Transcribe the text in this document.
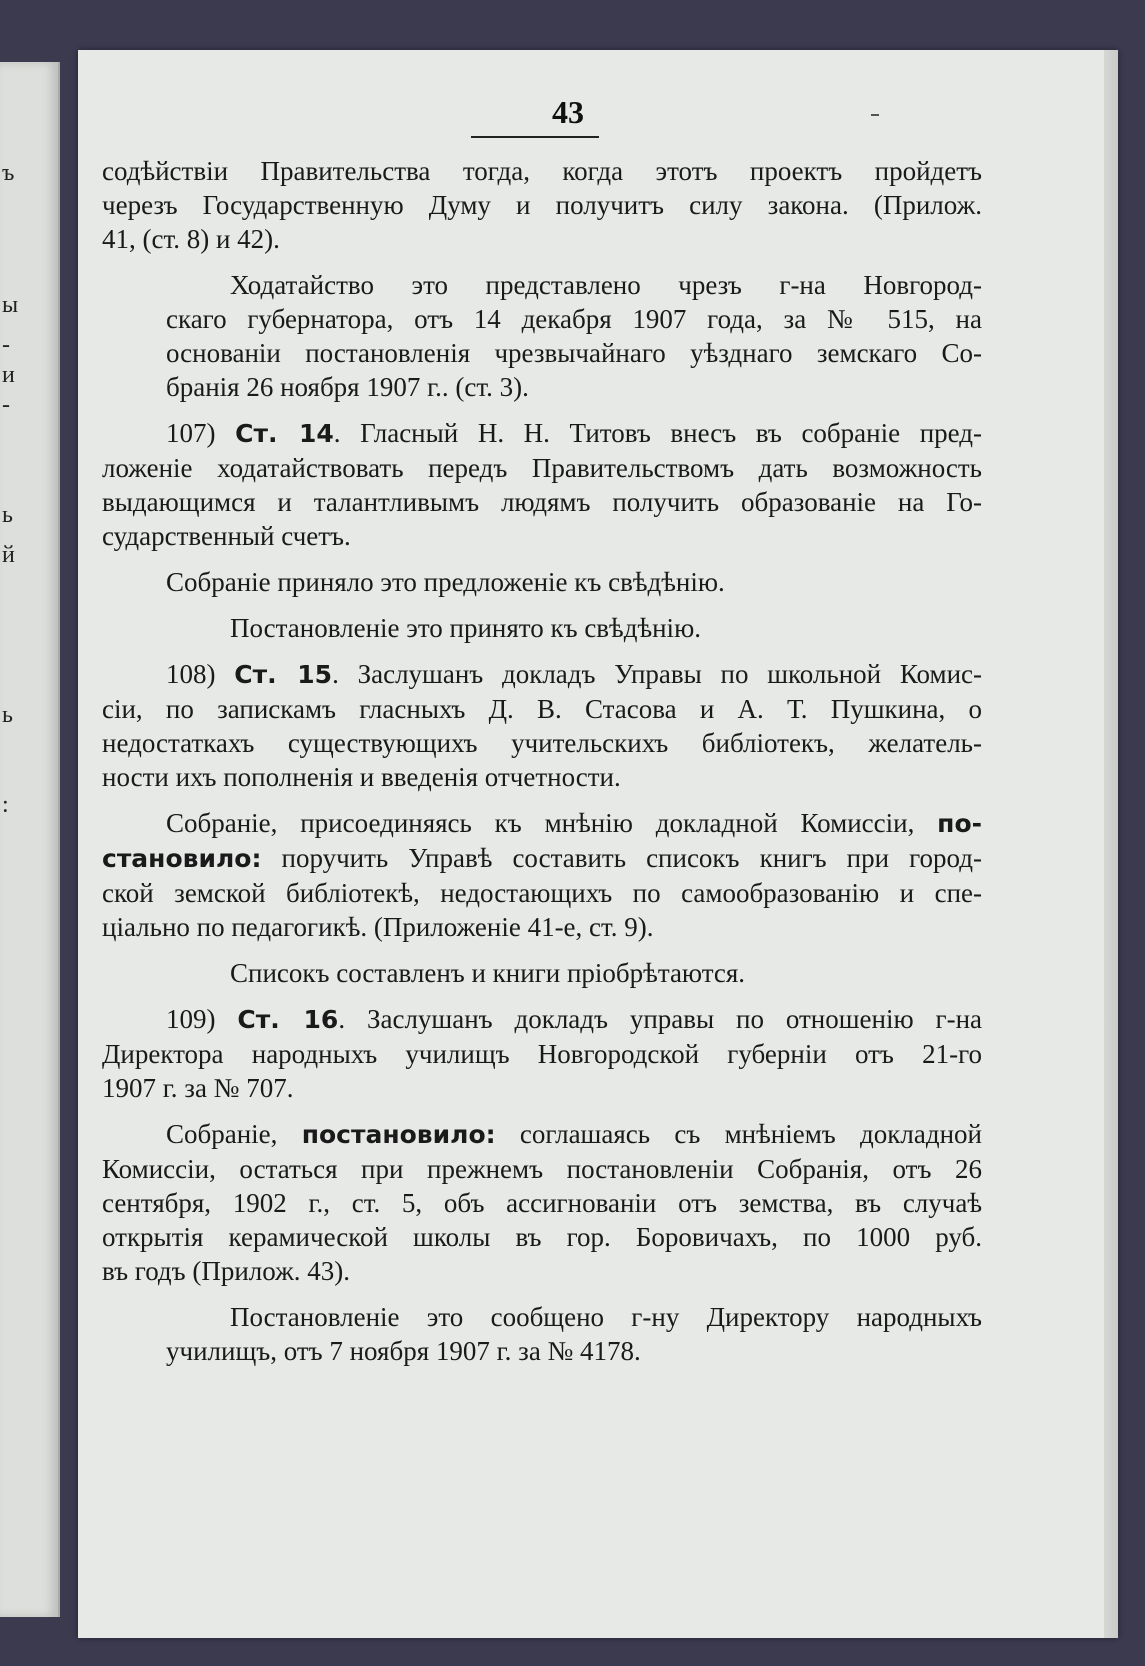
ъ
ы
-
и
-
ь
й
ь
:
43

содѣйствіи Правительства тогда, когда этотъ проектъ пройдетъ
черезъ Государственную Думу и получитъ силу закона. (Прилож.
41, (ст. 8) и 42).

Ходатайство это представлено чрезъ г-на Новгород-
скаго губернатора, отъ 14 декабря 1907 года, за № 515, на
основаніи постановленія чрезвычайнаго уѣзднаго земскаго Со-
бранія 26 ноября 1907 г.. (ст. 3).

107) Ст. 14. Гласный Н. Н. Титовъ внесъ въ собраніе пред-
ложеніе ходатайствовать передъ Правительствомъ дать возможность
выдающимся и талантливымъ людямъ получить образованіе на Го-
сударственный счетъ.

Собраніе приняло это предложеніе къ свѣдѣнію.

Постановленіе это принято къ свѣдѣнію.

108) Ст. 15. Заслушанъ докладъ Управы по школьной Комис-
сіи, по запискамъ гласныхъ Д. В. Стасова и А. Т. Пушкина, о
недостаткахъ существующихъ учительскихъ библіотекъ, желатель-
ности ихъ пополненія и введенія отчетности.

Собраніе, присоединяясь къ мнѣнію докладной Комиссіи, по-
становило: поручить Управѣ составить списокъ книгъ при город-
ской земской библіотекѣ, недостающихъ по самообразованію и спе-
ціально по педагогикѣ. (Приложеніе 41-е, ст. 9).

Списокъ составленъ и книги пріобрѣтаются.

109) Ст. 16. Заслушанъ докладъ управы по отношенію г-на
Директора народныхъ училищъ Новгородской губерніи отъ 21-го
1907 г. за № 707.

Собраніе, постановило: соглашаясь съ мнѣніемъ докладной
Комиссіи, остаться при прежнемъ постановленіи Собранія, отъ 26
сентября, 1902 г., ст. 5, объ ассигнованіи отъ земства, въ случаѣ
открытія керамической школы въ гор. Боровичахъ, по 1000 руб.
въ годъ (Прилож. 43).

Постановленіе это сообщено г-ну Директору народныхъ
училищъ, отъ 7 ноября 1907 г. за № 4178.
